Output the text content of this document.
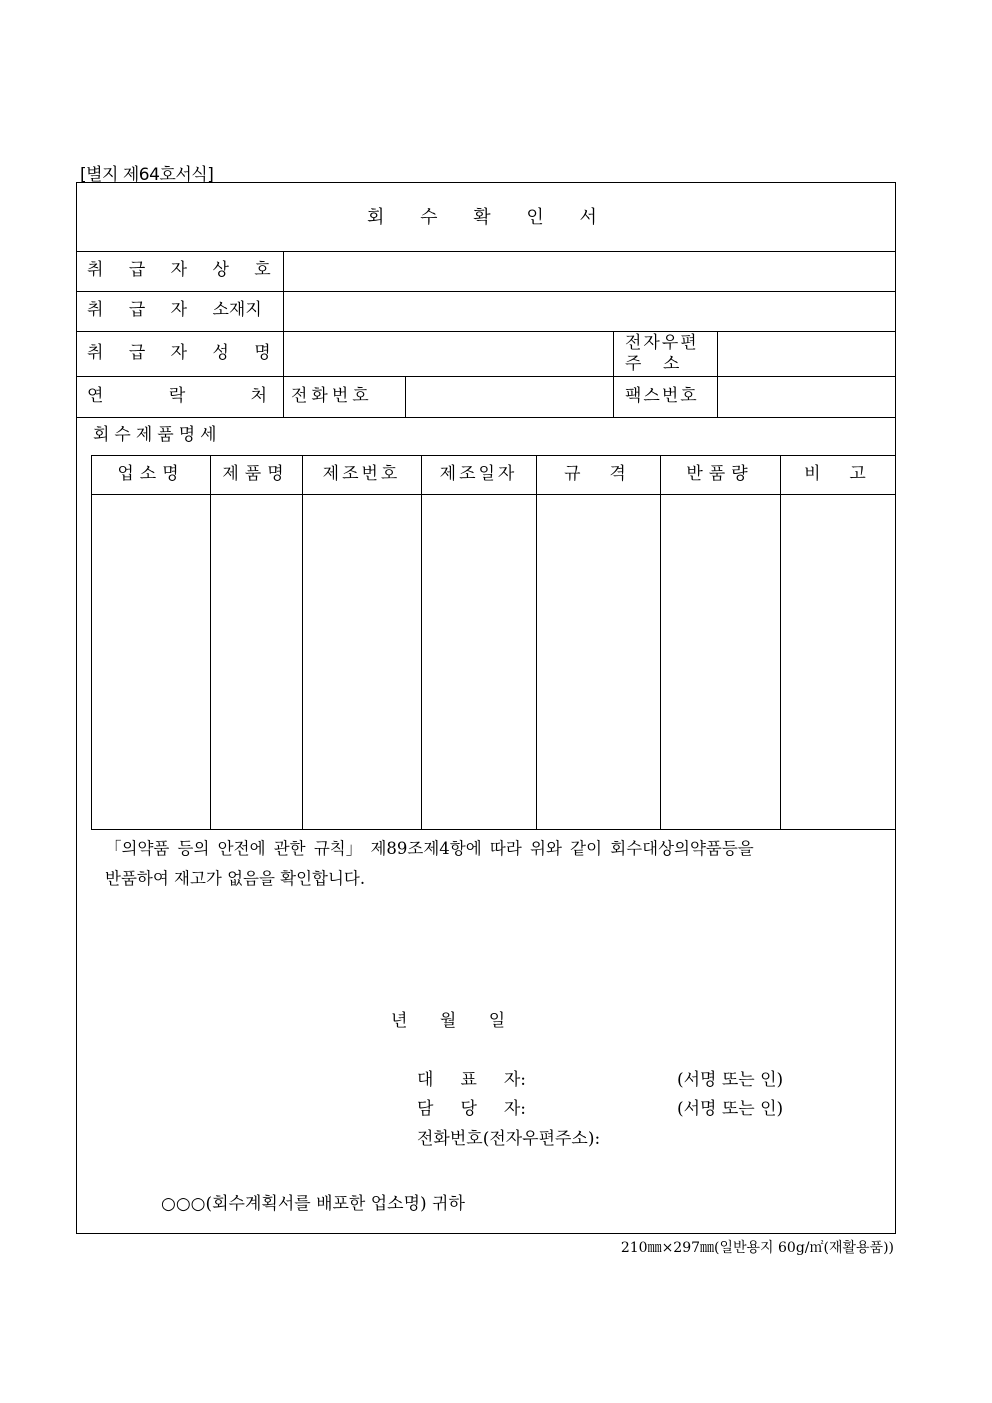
[별지 제64호서식]
회 수 확 인 서
취 급 자 상 호
취 급 자 소재지
취 급 자 성 명	전자우편
주    소
연 락 처 전화번호	팩스번호
회수제품명세
업소명	제품명	제조번호	제조일자	규  격	반품량	비  고
「의약품 등의 안전에 관한 규칙」 제89조제4항에 따라 위와 같이 회수대상의약품등을
반품하여 재고가 없음을 확인합니다.
년      월      일
대     표     자:	(서명 또는 인)
담     당     자:	(서명 또는 인)
전화번호(전자우편주소):
○○○(회수계획서를 배포한 업소명) 귀하
210㎜×297㎜(일반용지 60g/㎡(재활용품))
